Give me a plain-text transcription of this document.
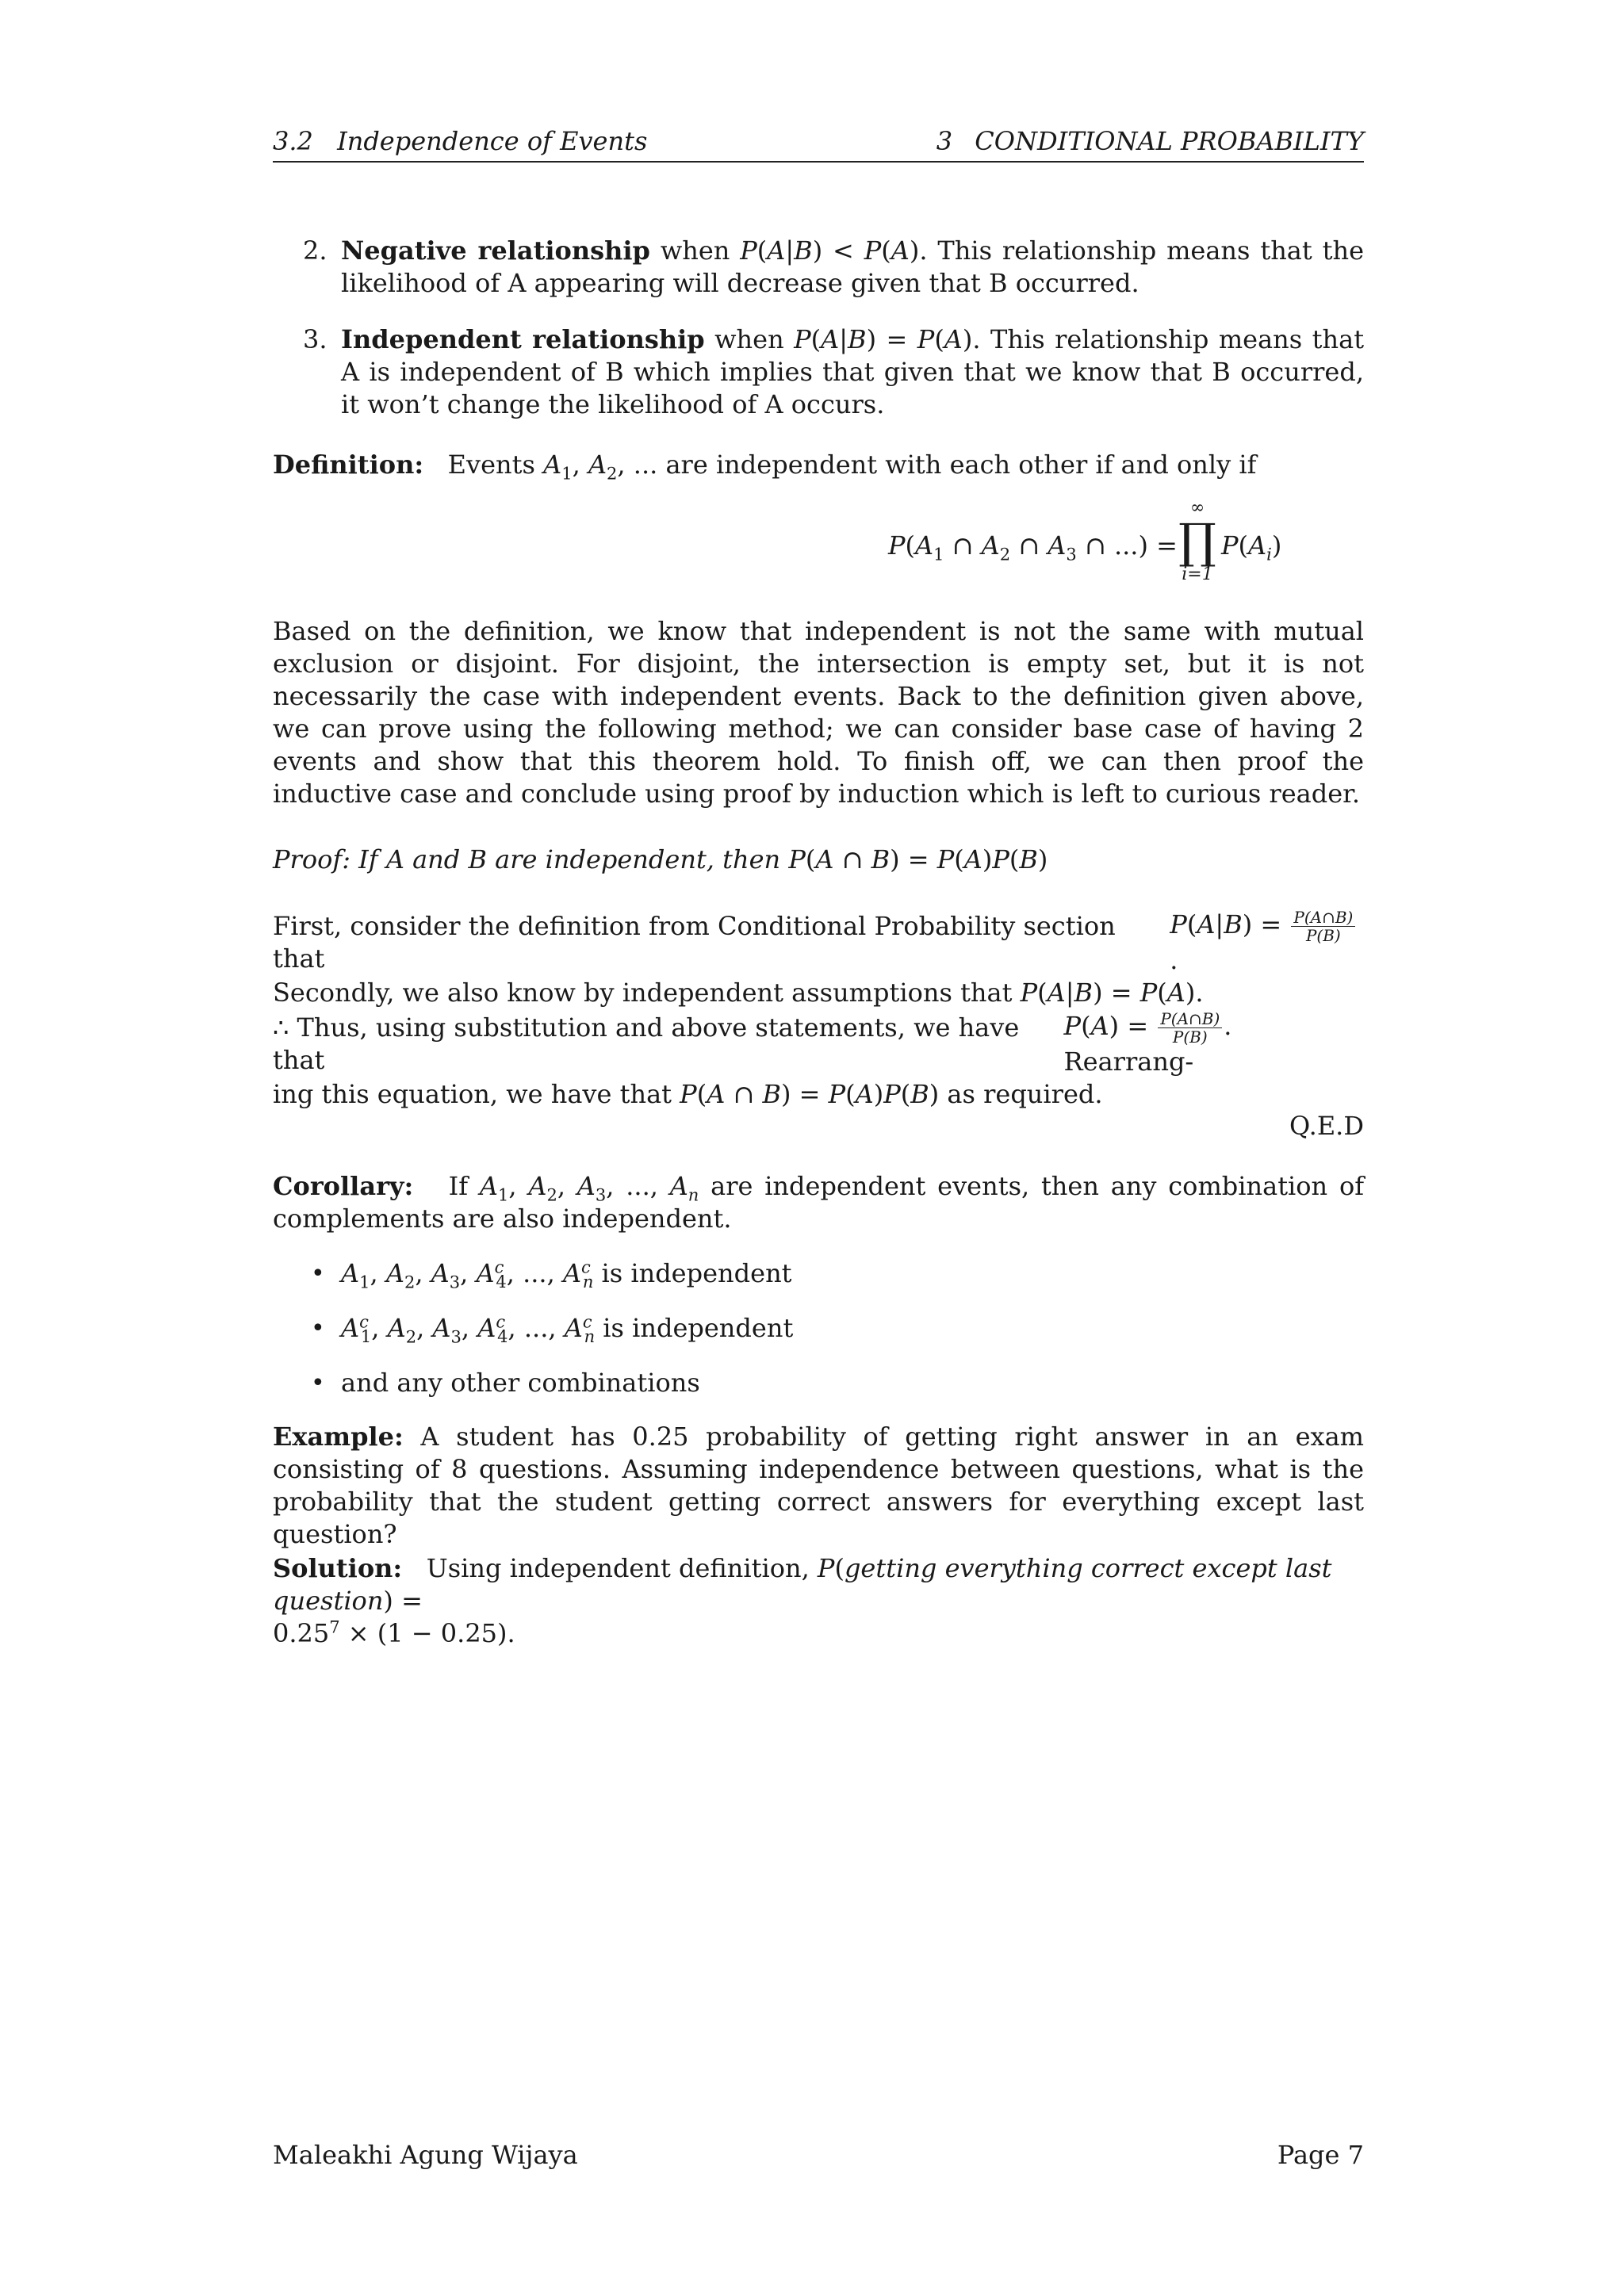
3.2 Independence of Events	3 CONDITIONAL PROBABILITY
2. Negative relationship when P(A|B) < P(A). This relationship means that the likelihood of A appearing will decrease given that B occurred.
3. Independent relationship when P(A|B) = P(A). This relationship means that A is independent of B which implies that given that we know that B occurred, it won’t change the likelihood of A occurs.
Definition: Events $A_1$, $A_2$, ... are independent with each other if and only if
$P(A_1$ ∩ $A_2$ ∩ $A_3$ ∩ ...) =
∞
∏
i=1
$P(A_i)$
Based on the definition, we know that independent is not the same with mutual exclusion or disjoint. For disjoint, the intersection is empty set, but it is not necessarily the case with independent events. Back to the definition given above, we can prove using the following method; we can consider base case of having 2 events and show that this theorem hold. To finish off, we can then proof the inductive case and conclude using proof by induction which is left to curious reader.
Proof: If A and B are independent, then P(A ∩ B) = P(A)P(B)
First, consider the definition from Conditional Probability section that
$P(A|B) = \frac{P(A\cap B)}{P(B)}$
.
Secondly, we also know by independent assumptions that P(A|B) = P(A).
∴ Thus, using substitution and above statements, we have that
$P(A) = \frac{P(A\cap B)}{P(B)}$ . Rearrang-
ing this equation, we have that P(A ∩ B) = P(A)P(B) as required.
Q.E.D
Corollary: If $A_1$, $A_2$, $A_3$, ..., $A_n$ are independent events, then any combination of complements are also independent.
• $A_1$, $A_2$, $A_3$, $A^c_4$, ..., $A^c_n$ is independent
• $A^c_1$, $A_2$, $A_3$, $A^c_4$, ..., $A^c_n$ is independent
• and any other combinations
Example: A student has 0.25 probability of getting right answer in an exam consisting of 8 questions. Assuming independence between questions, what is the probability that the student getting correct answers for everything except last question?
Solution: Using independent definition, P(getting everything correct except last question) =
$0.25^7 \times (1 - 0.25)$.
Maleakhi Agung Wijaya	Page 7
